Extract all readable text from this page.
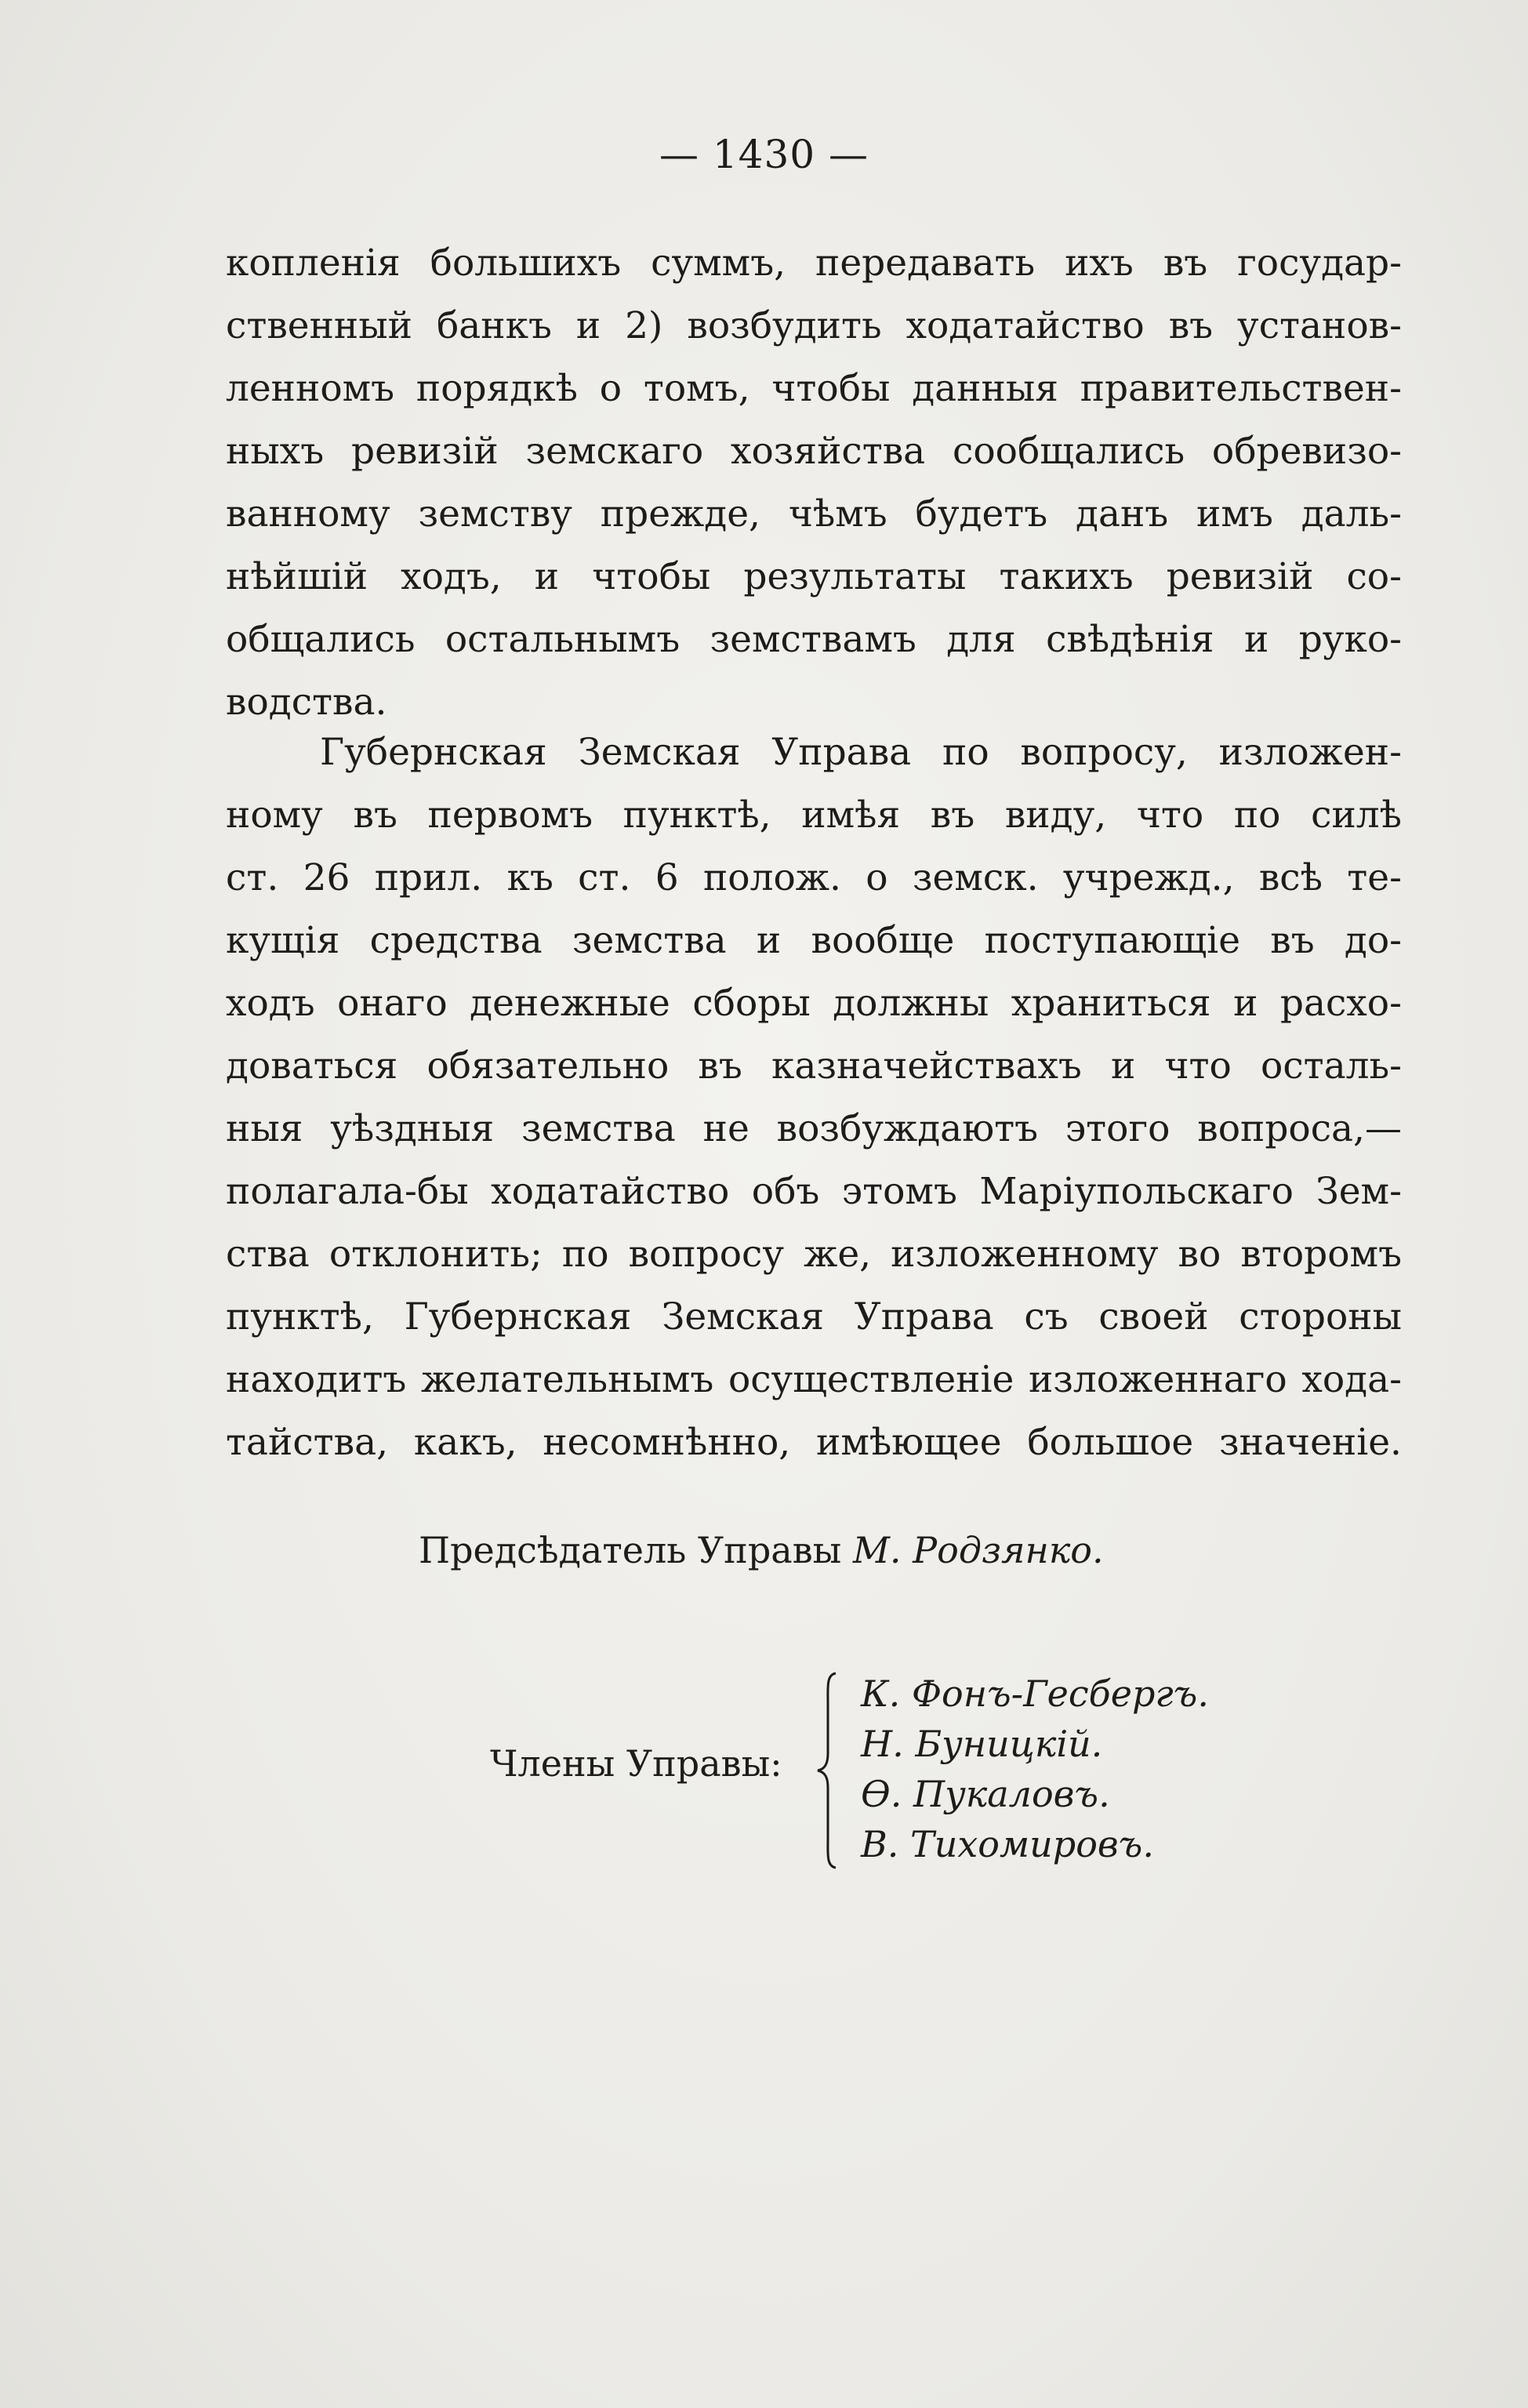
— 1430 —
копленія большихъ суммъ, передавать ихъ въ государ-
ственный банкъ и 2) возбудить ходатайство въ установ-
ленномъ порядкѣ о томъ, чтобы данныя правительствен-
ныхъ ревизій земскаго хозяйства сообщались обревизо-
ванному земству прежде, чѣмъ будетъ данъ имъ даль-
нѣйшій ходъ, и чтобы результаты такихъ ревизій со-
общались остальнымъ земствамъ для свѣдѣнія и руко-
водства.
Губернская Земская Управа по вопросу, изложен-
ному въ первомъ пунктѣ, имѣя въ виду, что по силѣ
ст. 26 прил. къ ст. 6 полож. о земск. учрежд., всѣ те-
кущія средства земства и вообще поступающіе въ до-
ходъ онаго денежные сборы должны храниться и расхо-
доваться обязательно въ казначействахъ и что осталь-
ныя уѣздныя земства не возбуждаютъ этого вопроса,—
полагала-бы ходатайство объ этомъ Маріупольскаго Зем-
ства отклонить; по вопросу же, изложенному во второмъ
пунктѣ, Губернская Земская Управа съ своей стороны
находитъ желательнымъ осуществленіе изложеннаго хода-
тайства, какъ, несомнѣнно, имѣющее большое значеніе.
Предсѣдатель Управы М. Родзянко.
Члены Управы:
К. Фонъ-Гесбергъ.
Н. Буницкій.
Ѳ. Пукаловъ.
В. Тихомировъ.
